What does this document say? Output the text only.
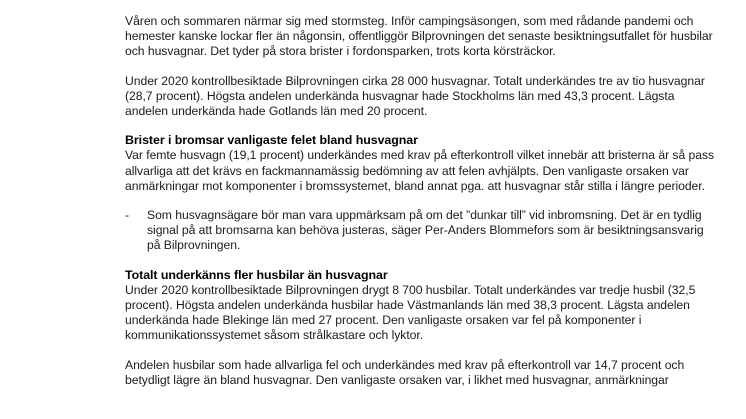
Våren och sommaren närmar sig med stormsteg. Inför campingsäsongen, som med rådande pandemi och hemester kanske lockar fler än någonsin, offentliggör Bilprovningen det senaste besiktningsutfallet för husbilar och husvagnar. Det tyder på stora brister i fordonsparken, trots korta körsträckor.

Under 2020 kontrollbesiktade Bilprovningen cirka 28 000 husvagnar. Totalt underkändes tre av tio husvagnar (28,7 procent). Högsta andelen underkända husvagnar hade Stockholms län med 43,3 procent. Lägsta andelen underkända hade Gotlands län med 20 procent.

Brister i bromsar vanligaste felet bland husvagnar

Var femte husvagn (19,1 procent) underkändes med krav på efterkontroll vilket innebär att bristerna är så pass allvarliga att det krävs en fackmannamässig bedömning av att felen avhjälpts. Den vanligaste orsaken var anmärkningar mot komponenter i bromssystemet, bland annat pga. att husvagnar står stilla i längre perioder.

-	Som husvagnsägare bör man vara uppmärksam på om det ”dunkar till” vid inbromsning. Det är en tydlig signal på att bromsarna kan behöva justeras, säger Per-Anders Blommefors som är besiktningsansvarig på Bilprovningen.
Totalt underkänns fler husbilar än husvagnar

Under 2020 kontrollbesiktade Bilprovningen drygt 8 700 husbilar. Totalt underkändes var tredje husbil (32,5 procent). Högsta andelen underkända husbilar hade Västmanlands län med 38,3 procent. Lägsta andelen underkända hade Blekinge län med 27 procent. Den vanligaste orsaken var fel på komponenter i kommunikationssystemet såsom strålkastare och lyktor.

Andelen husbilar som hade allvarliga fel och underkändes med krav på efterkontroll var 14,7 procent och betydligt lägre än bland husvagnar. Den vanligaste orsaken var, i likhet med husvagnar, anmärkningar
